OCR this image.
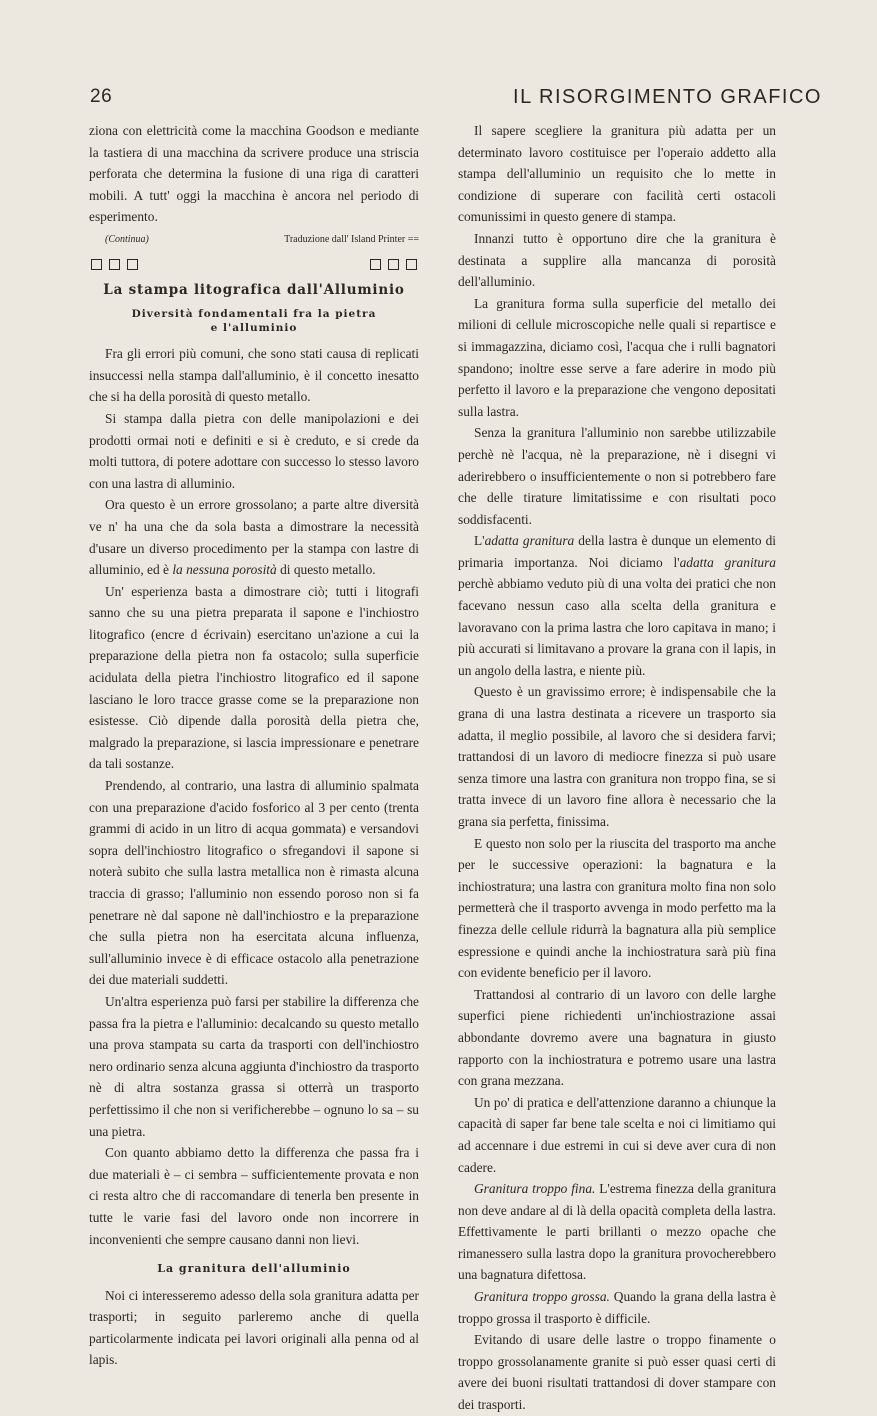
26	IL RISORGIMENTO GRAFICO

ziona con elettricità come la macchina Goodson e mediante la tastiera di una macchina da scrivere produce una striscia perforata che determina la fusione di una riga di caratteri mobili. A tutt' oggi la macchina è ancora nel periodo di esperimento.

(Continua)	Traduzione dall' Island Printer ==
La stampa litografica dall'Alluminio
Diversità fondamentali fra la pietra
e l'alluminio

Fra gli errori più comuni, che sono stati causa di replicati insuccessi nella stampa dall'alluminio, è il concetto inesatto che si ha della porosità di questo metallo.

Si stampa dalla pietra con delle manipolazioni e dei prodotti ormai noti e definiti e si è creduto, e si crede da molti tuttora, di potere adottare con successo lo stesso lavoro con una lastra di alluminio.

Ora questo è un errore grossolano; a parte altre diversità ve n' ha una che da sola basta a dimostrare la necessità d'usare un diverso procedimento per la stampa con lastre di alluminio, ed è la nessuna porosità di questo metallo.

Un' esperienza basta a dimostrare ciò; tutti i litografi sanno che su una pietra preparata il sapone e l'inchiostro litografico (encre d écrivain) esercitano un'azione a cui la preparazione della pietra non fa ostacolo; sulla superficie acidulata della pietra l'inchiostro litografico ed il sapone lasciano le loro tracce grasse come se la preparazione non esistesse. Ciò dipende dalla porosità della pietra che, malgrado la preparazione, si lascia impressionare e penetrare da tali sostanze.

Prendendo, al contrario, una lastra di alluminio spalmata con una preparazione d'acido fosforico al 3 per cento (trenta grammi di acido in un litro di acqua gommata) e versandovi sopra dell'inchiostro litografico o sfregandovi il sapone si noterà subito che sulla lastra metallica non è rimasta alcuna traccia di grasso; l'alluminio non essendo poroso non si fa penetrare nè dal sapone nè dall'inchiostro e la preparazione che sulla pietra non ha esercitata alcuna influenza, sull'alluminio invece è di efficace ostacolo alla penetrazione dei due materiali suddetti.

Un'altra esperienza può farsi per stabilire la differenza che passa fra la pietra e l'alluminio: decalcando su questo metallo una prova stampata su carta da trasporti con dell'inchiostro nero ordinario senza alcuna aggiunta d'inchiostro da trasporto nè di altra sostanza grassa si otterrà un trasporto perfettissimo il che non si verificherebbe – ognuno lo sa – su una pietra.

Con quanto abbiamo detto la differenza che passa fra i due materiali è – ci sembra – sufficientemente provata e non ci resta altro che di raccomandare di tenerla ben presente in tutte le varie fasi del lavoro onde non incorrere in inconvenienti che sempre causano danni non lievi.

La granitura dell'alluminio

Noi ci interesseremo adesso della sola granitura adatta per trasporti; in seguito parleremo anche di quella particolarmente indicata pei lavori originali alla penna od al lapis.

Il sapere scegliere la granitura più adatta per un determinato lavoro costituisce per l'operaio addetto alla stampa dell'alluminio un requisito che lo mette in condizione di superare con facilità certi ostacoli comunissimi in questo genere di stampa.

Innanzi tutto è opportuno dire che la granitura è destinata a supplire alla mancanza di porosità dell'alluminio.

La granitura forma sulla superficie del metallo dei milioni di cellule microscopiche nelle quali si repartisce e si immagazzina, diciamo così, l'acqua che i rulli bagnatori spandono; inoltre esse serve a fare aderire in modo più perfetto il lavoro e la preparazione che vengono depositati sulla lastra.

Senza la granitura l'alluminio non sarebbe utilizzabile perchè nè l'acqua, nè la preparazione, nè i disegni vi aderirebbero o insufficientemente o non si potrebbero fare che delle tirature limitatissime e con risultati poco soddisfacenti.

L'adatta granitura della lastra è dunque un elemento di primaria importanza. Noi diciamo l'adatta granitura perchè abbiamo veduto più di una volta dei pratici che non facevano nessun caso alla scelta della granitura e lavoravano con la prima lastra che loro capitava in mano; i più accurati si limitavano a provare la grana con il lapis, in un angolo della lastra, e niente più.

Questo è un gravissimo errore; è indispensabile che la grana di una lastra destinata a ricevere un trasporto sia adatta, il meglio possibile, al lavoro che si desidera farvi; trattandosi di un lavoro di mediocre finezza si può usare senza timore una lastra con granitura non troppo fina, se si tratta invece di un lavoro fine allora è necessario che la grana sia perfetta, finissima.

E questo non solo per la riuscita del trasporto ma anche per le successive operazioni: la bagnatura e la inchiostratura; una lastra con granitura molto fina non solo permetterà che il trasporto avvenga in modo perfetto ma la finezza delle cellule ridurrà la bagnatura alla più semplice espressione e quindi anche la inchiostratura sarà più fina con evidente beneficio per il lavoro.

Trattandosi al contrario di un lavoro con delle larghe superfici piene richiedenti un'inchiostrazione assai abbondante dovremo avere una bagnatura in giusto rapporto con la inchiostratura e potremo usare una lastra con grana mezzana.

Un po' di pratica e dell'attenzione daranno a chiunque la capacità di saper far bene tale scelta e noi ci limitiamo qui ad accennare i due estremi in cui si deve aver cura di non cadere.

Granitura troppo fina. L'estrema finezza della granitura non deve andare al di là della opacità completa della lastra. Effettivamente le parti brillanti o mezzo opache che rimanessero sulla lastra dopo la granitura provocherebbero una bagnatura difettosa.

Granitura troppo grossa. Quando la grana della lastra è troppo grossa il trasporto è difficile.

Evitando di usare delle lastre o troppo finamente o troppo grossolanamente granite si può esser quasi certi di avere dei buoni risultati trattandosi di dover stampare con dei trasporti.
